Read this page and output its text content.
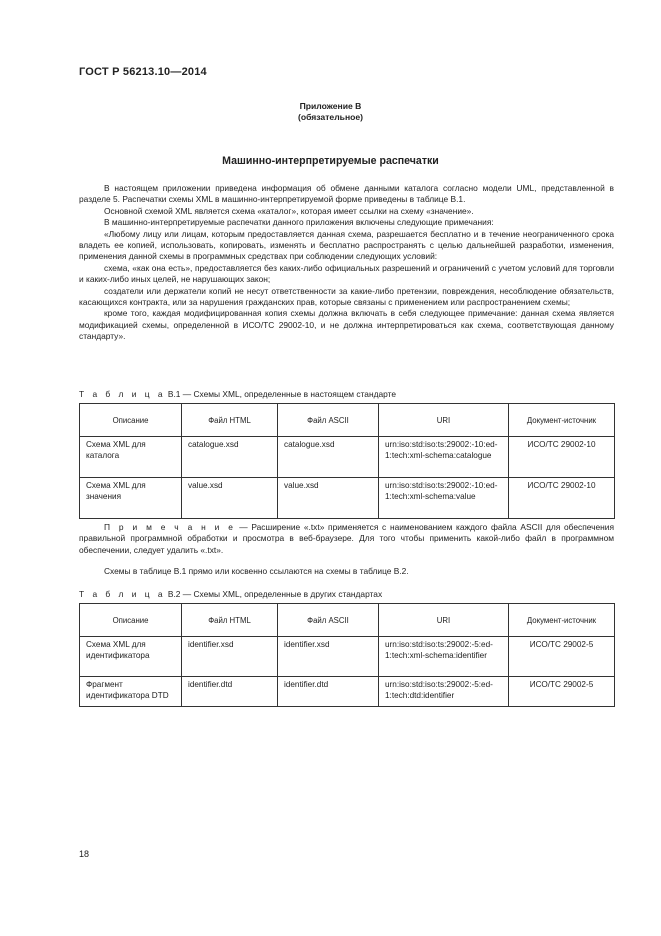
ГОСТ Р 56213.10—2014
Приложение В
(обязательное)
Машинно-интерпретируемые распечатки

В настоящем приложении приведена информация об обмене данными каталога согласно модели UML, представленной в разделе 5. Распечатки схемы XML в машинно-интерпретируемой форме приведены в таблице В.1.

Основной схемой XML является схема «каталог», которая имеет ссылки на схему «значение».

В машинно-интерпретируемые распечатки данного приложения включены следующие примечания:

«Любому лицу или лицам, которым предоставляется данная схема, разрешается бесплатно и в течение неограниченного срока владеть ее копией, использовать, копировать, изменять и бесплатно распространять с целью дальнейшей разработки, изменения, применения данной схемы в программных средствах при соблюдении следующих условий:

схема, «как она есть», предоставляется без каких-либо официальных разрешений и ограничений с учетом условий для торговли и каких-либо иных целей, не нарушающих закон;

создатели или держатели копий не несут ответственности за какие-либо претензии, повреждения, несоблюдение обязательств, касающихся контракта, или за нарушения гражданских прав, которые связаны с применением или распространением схемы;

кроме того, каждая модифицированная копия схемы должна включать в себя следующее примечание: данная схема является модификацией схемы, определенной в ИСО/ТС 29002-10, и не должна интерпретироваться как схема, соответствующая данному стандарту».

Т а б л и ц а В.1 — Схемы XML, определенные в настоящем стандарте
Описание	Файл HTML	Файл ASCII	URI	Документ-источник
Схема XML для каталога	catalogue.xsd	catalogue.xsd	urn:iso:std:iso:ts:29002:-10:ed-1:tech:xml-schema:catalogue	ИСО/ТС 29002-10
Схема XML для значения	value.xsd	value.xsd	urn:iso:std:iso:ts:29002:-10:ed-1:tech:xml-schema:value	ИСО/ТС 29002-10

П р и м е ч а н и е — Расширение «.txt» применяется с наименованием каждого файла ASCII для обеспечения правильной программной обработки и просмотра в веб-браузере. Для того чтобы применить какой-либо файл в программном обеспечении, следует удалить «.txt».

Схемы в таблице В.1 прямо или косвенно ссылаются на схемы в таблице В.2.

Т а б л и ц а В.2 — Схемы XML, определенные в других стандартах
Описание	Файл HTML	Файл ASCII	URI	Документ-источник
Схема XML для идентификатора	identifier.xsd	identifier.xsd	urn:iso:std:iso:ts:29002:-5:ed-1:tech:xml-schema:identifier	ИСО/ТС 29002-5
Фрагмент идентификатора DTD	identifier.dtd	identifier.dtd	urn:iso:std:iso:ts:29002:-5:ed-1:tech:dtd:identifier	ИСО/ТС 29002-5
18
